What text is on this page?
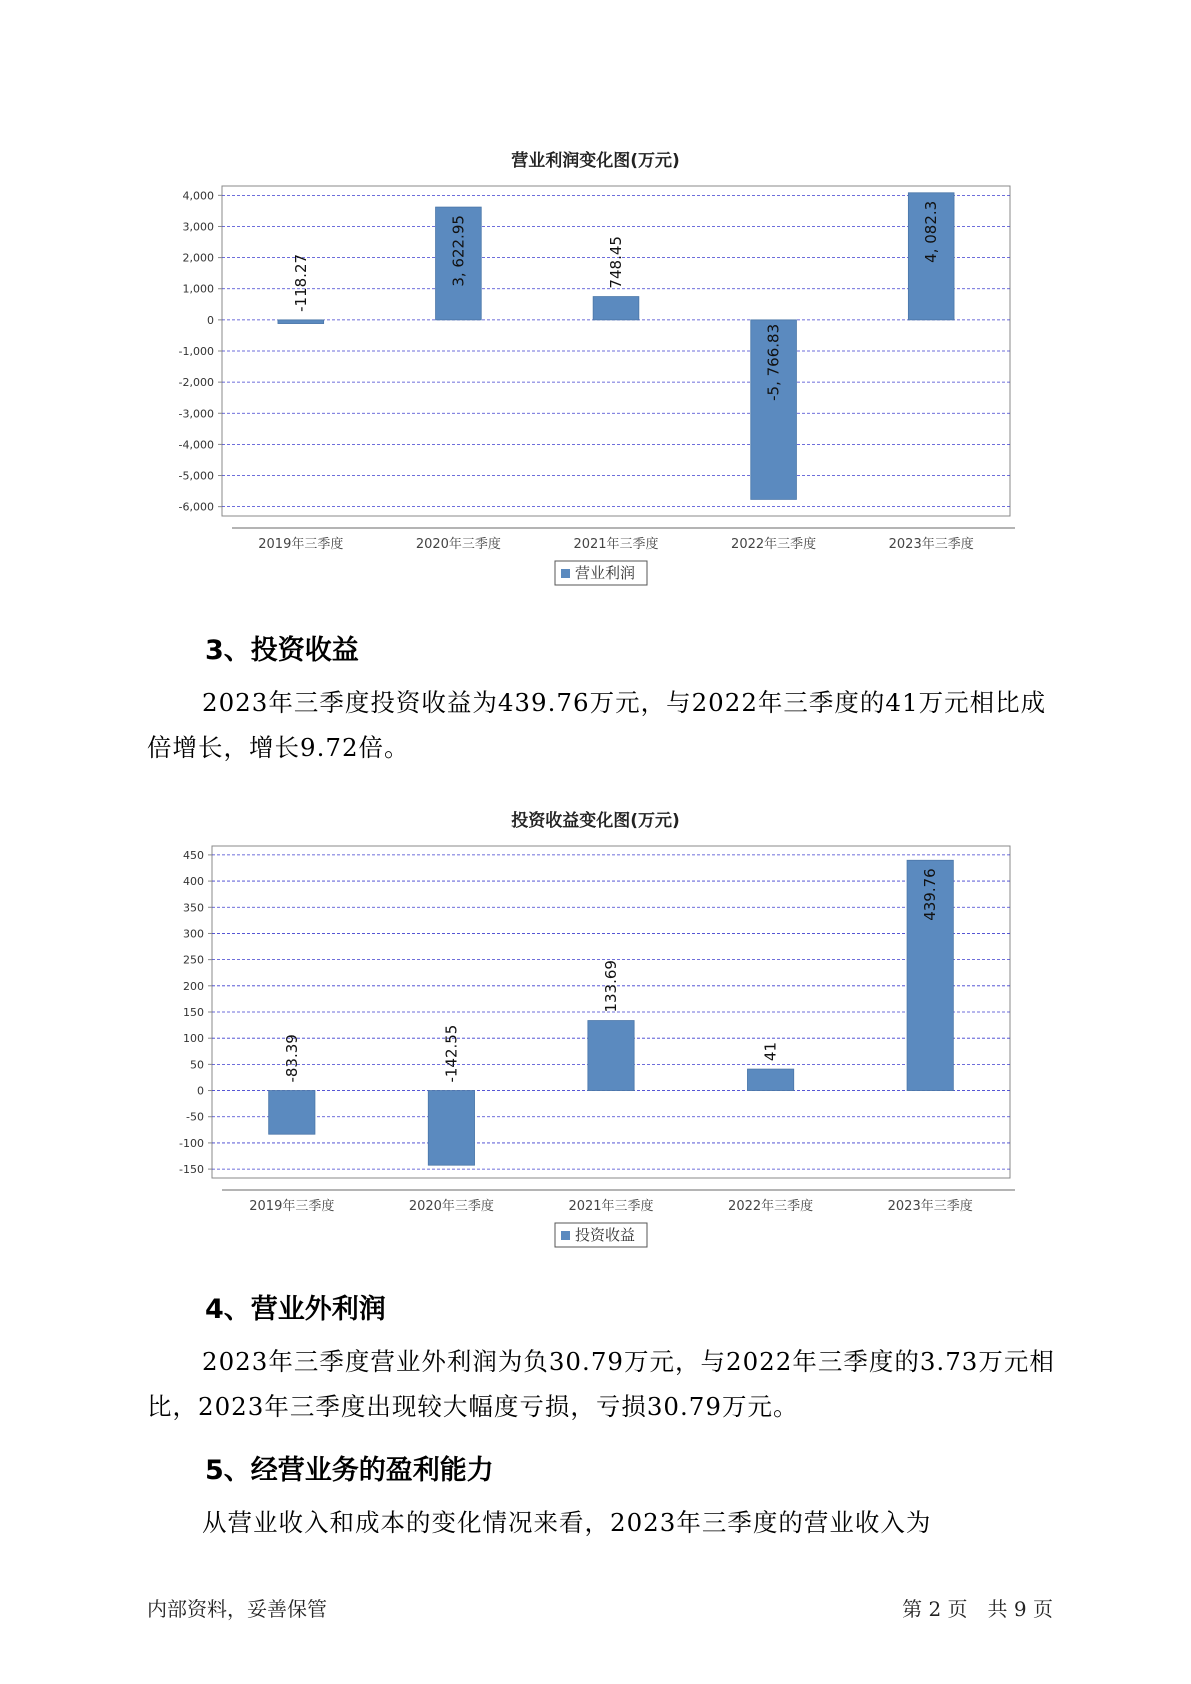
营业利润变化图(万元)
4,000
3,000
2,000
1,000
0
-1,000
-2,000
-3,000
-4,000
-5,000
-6,000
-118.27
2019年三季度
3, 622.95
2020年三季度
748.45
2021年三季度
-5, 766.83
2022年三季度
4, 082.3
2023年三季度
营业利润
3、投资收益
2023年三季度投资收益为439.76万元，与2022年三季度的41万元相比成倍增长，增长9.72倍。
投资收益变化图(万元)
450
400
350
300
250
200
150
100
50
0
-50
-100
-150
-83.39
2019年三季度
-142.55
2020年三季度
133.69
2021年三季度
41
2022年三季度
439.76
2023年三季度
投资收益
4、营业外利润
2023年三季度营业外利润为负30.79万元，与2022年三季度的3.73万元相比，2023年三季度出现较大幅度亏损，亏损30.79万元。
5、经营业务的盈利能力
从营业收入和成本的变化情况来看，2023年三季度的营业收入为
内部资料，妥善保管	第 2 页　共 9 页
